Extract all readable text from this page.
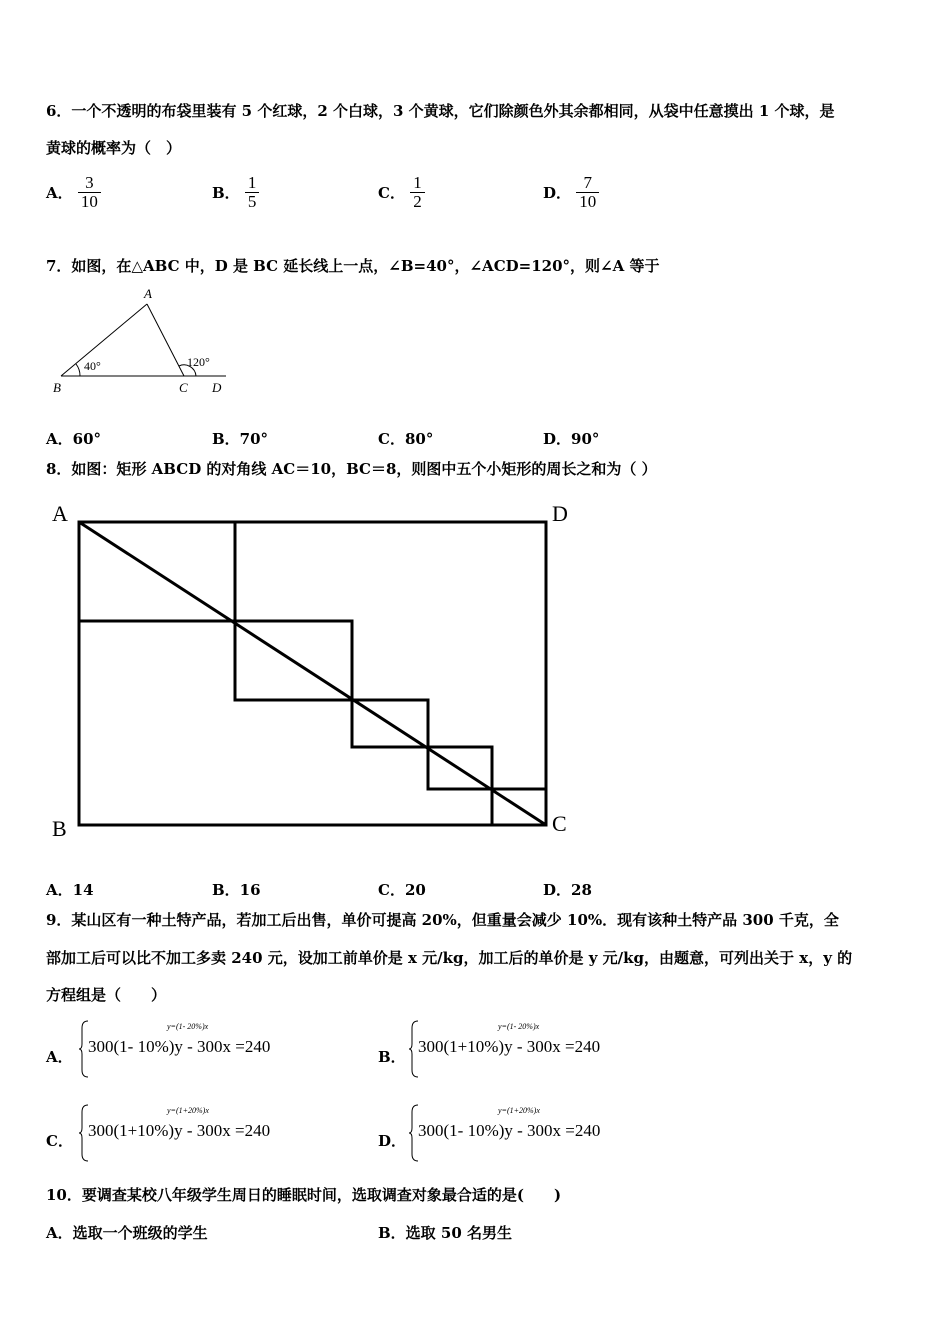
6．一个不透明的布袋里装有 5 个红球，2 个白球，3 个黄球，它们除颜色外其余都相同，从袋中任意摸出 1 个球，是
黄球的概率为（　）
A． $\frac{3}{10}$	B． $\frac{1}{5}$	C． $\frac{1}{2}$	D． $\frac{7}{10}$
7．如图，在△ABC 中，D 是 BC 延长线上一点，∠B=40°，∠ACD=120°，则∠A 等于
A
B	C D
40°	120°
A．60°	B．70°	C．80°	D．90°
8．如图：矩形 ABCD 的对角线 AC＝10，BC＝8，则图中五个小矩形的周长之和为（ ）
A
B	C
D
A．14	B．16	C．20	D．28
9．某山区有一种土特产品，若加工后出售，单价可提高 20%，但重量会减少 10%．现有该种土特产品 300 千克，全
部加工后可以比不加工多卖 240 元，设加工前单价是 x 元/kg，加工后的单价是 y 元/kg，由题意，可列出关于 x，y 的
方程组是（　　）
A．
y=(1- 20%)x
300(1- 10%)y - 300x =240
B．
y=(1- 20%)x
300(1+10%)y - 300x =240
C．
y=(1+20%)x
300(1+10%)y - 300x =240
D．
y=(1+20%)x
300(1- 10%)y - 300x =240
10．要调查某校八年级学生周日的睡眠时间，选取调查对象最合适的是(　　)
A．选取一个班级的学生	B．选取 50 名男生
